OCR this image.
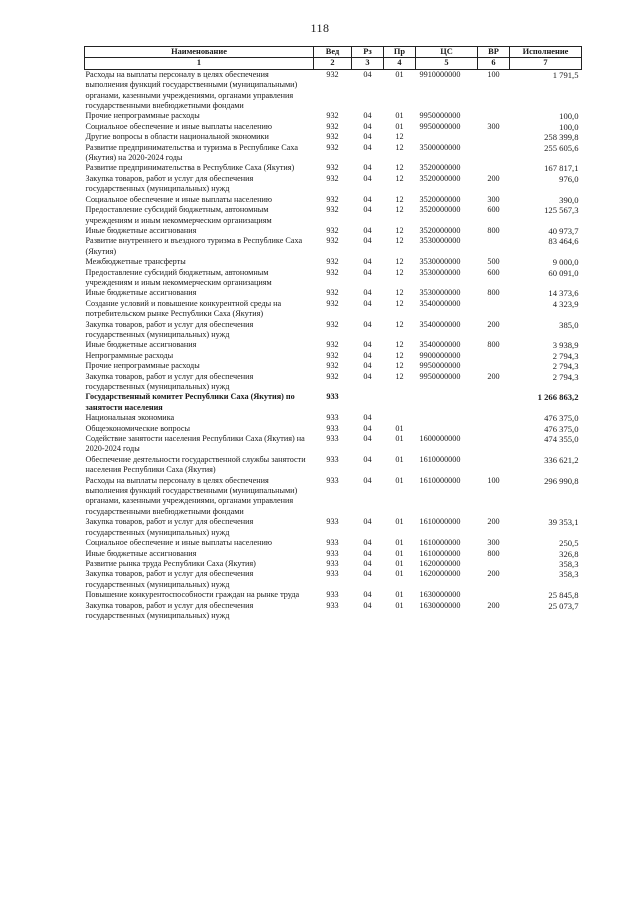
118
Наименование	Вед	Рз	Пр	ЦС	ВР	Исполнение
1	2	3	4	5	6	7
Расходы на выплаты персоналу в целях обеспечения выполнения функций государственными (муниципальными) органами, казенными учреждениями, органами управления государственными внебюджетными фондами	932	04	01	9910000000	100	1 791,5
Прочие непрограммные расходы	932	04	01	9950000000		100,0
Социальное обеспечение и иные выплаты населению	932	04	01	9950000000	300	100,0
Другие вопросы в области национальной экономики	932	04	12			258 399,8
Развитие предпринимательства и туризма в Республике Саха (Якутия) на 2020-2024 годы	932	04	12	3500000000		255 605,6
Развитие предпринимательства в Республике Саха (Якутия)	932	04	12	3520000000		167 817,1
Закупка товаров, работ и услуг для обеспечения государственных (муниципальных) нужд	932	04	12	3520000000	200	976,0
Социальное обеспечение и иные выплаты населению	932	04	12	3520000000	300	390,0
Предоставление субсидий бюджетным, автономным учреждениям и иным некоммерческим организациям	932	04	12	3520000000	600	125 567,3
Иные бюджетные ассигнования	932	04	12	3520000000	800	40 973,7
Развитие внутреннего и въездного туризма в Республике Саха (Якутия)	932	04	12	3530000000		83 464,6
Межбюджетные трансферты	932	04	12	3530000000	500	9 000,0
Предоставление субсидий бюджетным, автономным учреждениям и иным некоммерческим организациям	932	04	12	3530000000	600	60 091,0
Иные бюджетные ассигнования	932	04	12	3530000000	800	14 373,6
Создание условий и повышение конкурентной среды на потребительском рынке Республики Саха (Якутия)	932	04	12	3540000000		4 323,9
Закупка товаров, работ и услуг для обеспечения государственных (муниципальных) нужд	932	04	12	3540000000	200	385,0
Иные бюджетные ассигнования	932	04	12	3540000000	800	3 938,9
Непрограммные расходы	932	04	12	9900000000		2 794,3
Прочие непрограммные расходы	932	04	12	9950000000		2 794,3
Закупка товаров, работ и услуг для обеспечения государственных (муниципальных) нужд	932	04	12	9950000000	200	2 794,3
Государственный комитет Республики Саха (Якутия) по занятости населения	933					1 266 863,2
Национальная экономика	933	04				476 375,0
Общеэкономические вопросы	933	04	01			476 375,0
Содействие занятости населения Республики Саха (Якутия) на 2020-2024 годы	933	04	01	1600000000		474 355,0
Обеспечение деятельности государственной службы занятости населения Республики Саха (Якутия)	933	04	01	1610000000		336 621,2
Расходы на выплаты персоналу в целях обеспечения выполнения функций государственными (муниципальными) органами, казенными учреждениями, органами управления государственными внебюджетными фондами	933	04	01	1610000000	100	296 990,8
Закупка товаров, работ и услуг для обеспечения государственных (муниципальных) нужд	933	04	01	1610000000	200	39 353,1
Социальное обеспечение и иные выплаты населению	933	04	01	1610000000	300	250,5
Иные бюджетные ассигнования	933	04	01	1610000000	800	326,8
Развитие рынка труда Республики Саха (Якутия)	933	04	01	1620000000		358,3
Закупка товаров, работ и услуг для обеспечения государственных (муниципальных) нужд	933	04	01	1620000000	200	358,3
Повышение конкурентоспособности граждан на рынке труда	933	04	01	1630000000		25 845,8
Закупка товаров, работ и услуг для обеспечения государственных (муниципальных) нужд	933	04	01	1630000000	200	25 073,7
